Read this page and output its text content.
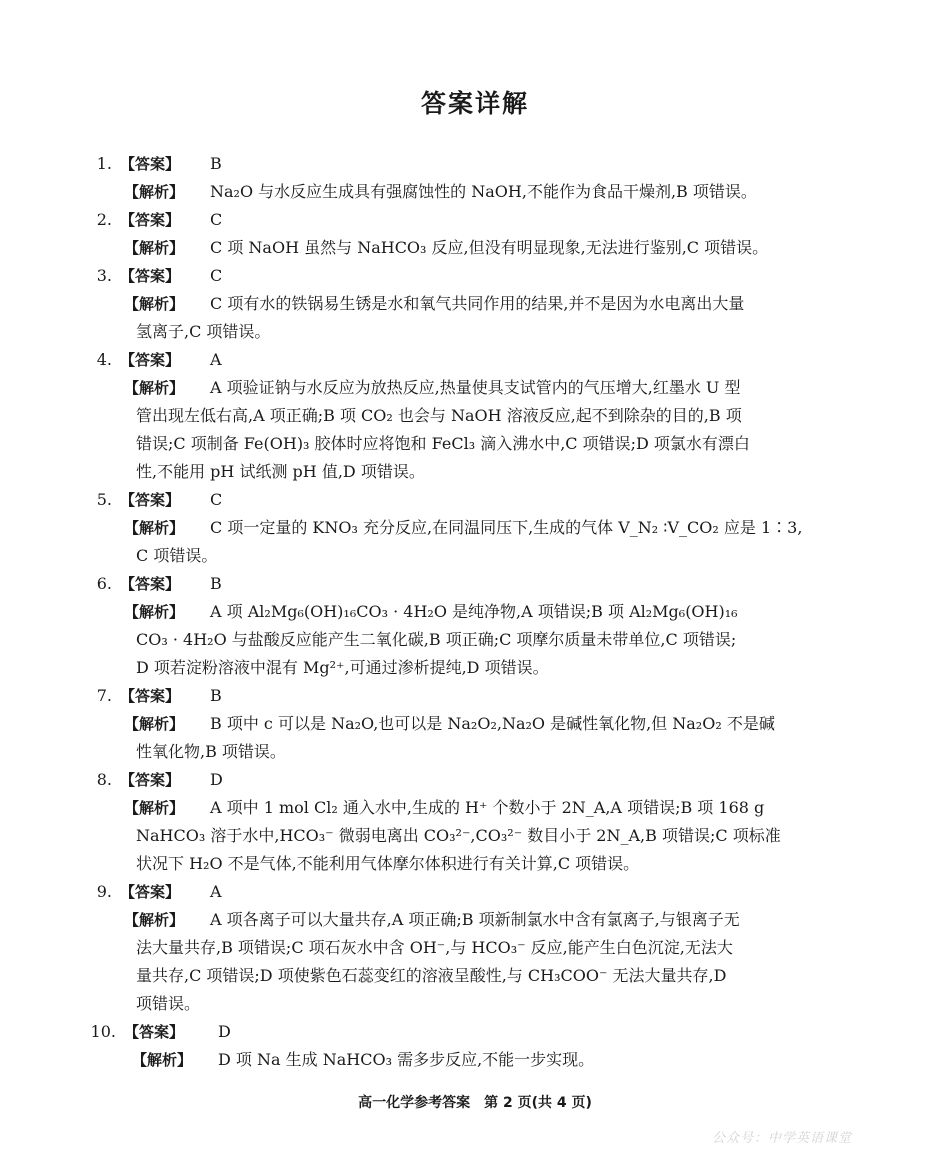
答案详解
1. 【答案】 B
【解析】 Na₂O 与水反应生成具有强腐蚀性的 NaOH,不能作为食品干燥剂,B 项错误。
2. 【答案】 C
【解析】 C 项 NaOH 虽然与 NaHCO₃ 反应,但没有明显现象,无法进行鉴别,C 项错误。
3. 【答案】 C
【解析】 C 项有水的铁锅易生锈是水和氧气共同作用的结果,并不是因为水电离出大量
氢离子,C 项错误。
4. 【答案】 A
【解析】 A 项验证钠与水反应为放热反应,热量使具支试管内的气压增大,红墨水 U 型
管出现左低右高,A 项正确;B 项 CO₂ 也会与 NaOH 溶液反应,起不到除杂的目的,B 项
错误;C 项制备 Fe(OH)₃ 胶体时应将饱和 FeCl₃ 滴入沸水中,C 项错误;D 项氯水有漂白
性,不能用 pH 试纸测 pH 值,D 项错误。
5. 【答案】 C
【解析】 C 项一定量的 KNO₃ 充分反应,在同温同压下,生成的气体 V_N₂ ∶V_CO₂ 应是 1∶3,
C 项错误。
6. 【答案】 B
【解析】 A 项 Al₂Mg₆(OH)₁₆CO₃ · 4H₂O 是纯净物,A 项错误;B 项 Al₂Mg₆(OH)₁₆
CO₃ · 4H₂O 与盐酸反应能产生二氧化碳,B 项正确;C 项摩尔质量未带单位,C 项错误;
D 项若淀粉溶液中混有 Mg²⁺,可通过渗析提纯,D 项错误。
7. 【答案】 B
【解析】 B 项中 c 可以是 Na₂O,也可以是 Na₂O₂,Na₂O 是碱性氧化物,但 Na₂O₂ 不是碱
性氧化物,B 项错误。
8. 【答案】 D
【解析】 A 项中 1 mol Cl₂ 通入水中,生成的 H⁺ 个数小于 2N_A,A 项错误;B 项 168 g
NaHCO₃ 溶于水中,HCO₃⁻ 微弱电离出 CO₃²⁻,CO₃²⁻ 数目小于 2N_A,B 项错误;C 项标准
状况下 H₂O 不是气体,不能利用气体摩尔体积进行有关计算,C 项错误。
9. 【答案】 A
【解析】 A 项各离子可以大量共存,A 项正确;B 项新制氯水中含有氯离子,与银离子无
法大量共存,B 项错误;C 项石灰水中含 OH⁻,与 HCO₃⁻ 反应,能产生白色沉淀,无法大
量共存,C 项错误;D 项使紫色石蕊变红的溶液呈酸性,与 CH₃COO⁻ 无法大量共存,D
项错误。
10. 【答案】 D
【解析】 D 项 Na 生成 NaHCO₃ 需多步反应,不能一步实现。
高一化学参考答案　第 2 页(共 4 页)
公众号：中学英语课堂
